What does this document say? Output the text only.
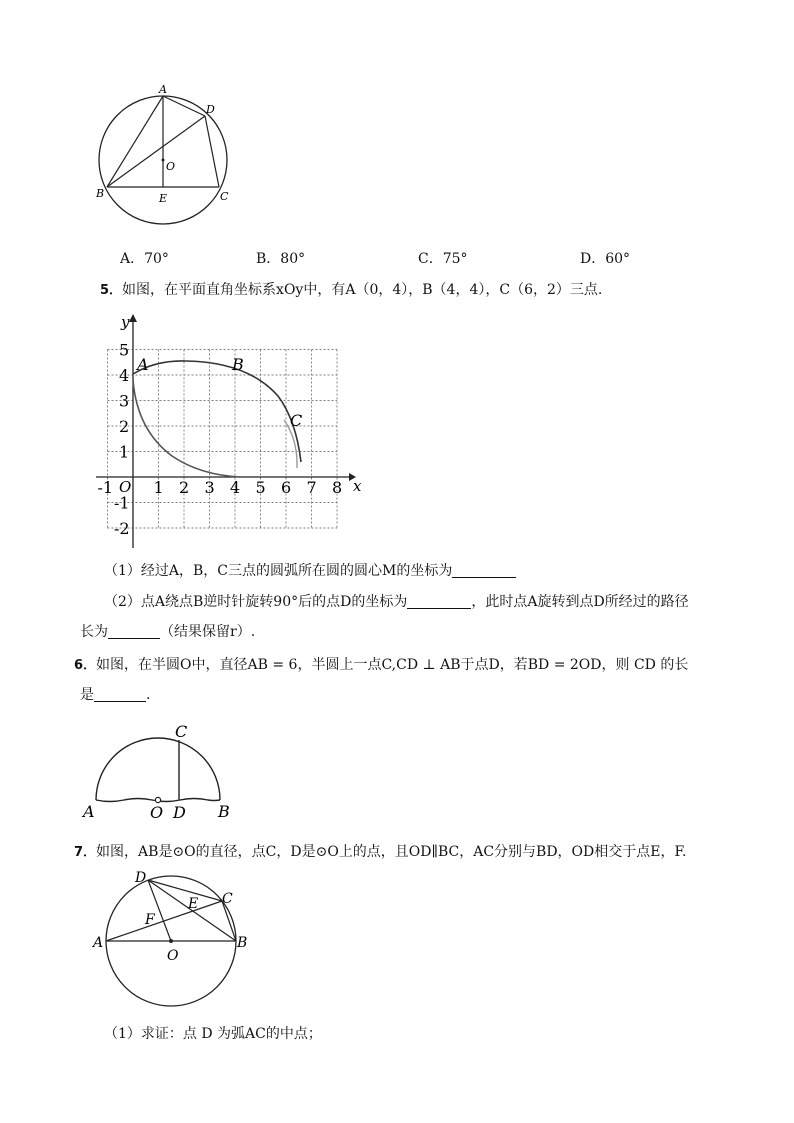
A
D
O
B	E	C
A．70°	B．80°	C．75°	D．60°
5．如图，在平面直角坐标系xOy中，有A（0，4），B（4，4），C（6，2）三点.
y
x
O
5
4
3
2
1
-1
-2
-1	1 2 3 4 5 6 7 8
A	B
C
（1）经过A，B，C三点的圆弧所在圆的圆心M的坐标为
（2）点A绕点B逆时针旋转90°后的点D的坐标为	，此时点A旋转到点D所经过的路径
长为	（结果保留r）.
6．如图，在半圆O中，直径AB = 6，半圆上一点C,CD ⊥ AB于点D，若BD = 2OD，则 CD 的长
是	.
C
A	O D B
7．如图，AB是⊙O的直径，点C，D是⊙O上的点，且OD∥BC，AC分别与BD，OD相交于点E，F.
D
C
E
F
A	B
O
（1）求证：点 D 为弧AC的中点；
